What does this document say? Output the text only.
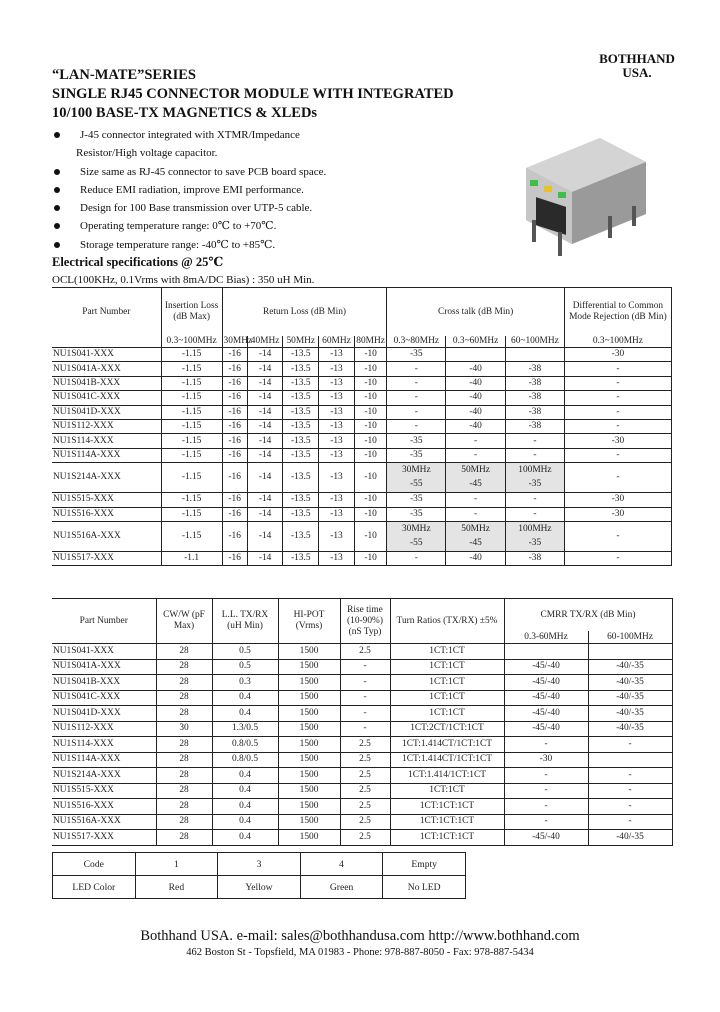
BOTHHAND
USA.
“LAN-MATE”SERIES
SINGLE RJ45 CONNECTOR MODULE WITH INTEGRATED
10/100 BASE-TX MAGNETICS & XLEDs
J-45 connector integrated with XTMR/Impedance
Resistor/High voltage capacitor.
Size same as RJ-45 connector to save PCB board space.
Reduce EMI radiation, improve EMI performance.
Design for 100 Base transmission over UTP-5 cable.
Operating temperature range: 0℃ to +70℃.
Storage temperature range: -40℃ to +85℃.
Electrical specifications @ 25℃
OCL(100KHz, 0.1Vrms with 8mA/DC Bias) : 350 uH Min.
Part Number	Insertion Loss (dB Max)	Return Loss (dB Min)					Cross talk (dB Min)			Differential to Common Mode Rejection (dB Min)
	0.3~100MHz	30MHz	40MHz	50MHz	60MHz	80MHz	0.3~80MHz	0.3~60MHz	60~100MHz	0.3~100MHz
NU1S041-XXX	-1.15	-16	-14	-13.5	-13	-10	-35			-30
NU1S041A-XXX	-1.15	-16	-14	-13.5	-13	-10	-	-40	-38	-
NU1S041B-XXX	-1.15	-16	-14	-13.5	-13	-10	-	-40	-38	-
NU1S041C-XXX	-1.15	-16	-14	-13.5	-13	-10	-	-40	-38	-
NU1S041D-XXX	-1.15	-16	-14	-13.5	-13	-10	-	-40	-38	-
NU1S112-XXX	-1.15	-16	-14	-13.5	-13	-10	-	-40	-38	-
NU1S114-XXX	-1.15	-16	-14	-13.5	-13	-10	-35	-	-	-30
NU1S114A-XXX	-1.15	-16	-14	-13.5	-13	-10	-35	-	-	-
NU1S214A-XXX	-1.15	-16	-14	-13.5	-13	-10	30MHz	50MHz	100MHz	-
							-55	-45	-35	
NU1S515-XXX	-1.15	-16	-14	-13.5	-13	-10	-35	-	-	-30
NU1S516-XXX	-1.15	-16	-14	-13.5	-13	-10	-35	-	-	-30
NU1S516A-XXX	-1.15	-16	-14	-13.5	-13	-10	30MHz	50MHz	100MHz	-
							-55	-45	-35	
NU1S517-XXX	-1.1	-16	-14	-13.5	-13	-10	-	-40	-38	-
Part Number	CW/W (pF Max)	L.L. TX/RX (uH Min)	HI-POT (Vrms)	Rise time (10-90%) (nS Typ)	Turn Ratios (TX/RX) ±5%	CMRR TX/RX (dB Min)	
						0.3-60MHz	60-100MHz
NU1S041-XXX	28	0.5	1500	2.5	1CT:1CT		
NU1S041A-XXX	28	0.5	1500	-	1CT:1CT	-45/-40	-40/-35
NU1S041B-XXX	28	0.3	1500	-	1CT:1CT	-45/-40	-40/-35
NU1S041C-XXX	28	0.4	1500	-	1CT:1CT	-45/-40	-40/-35
NU1S041D-XXX	28	0.4	1500	-	1CT:1CT	-45/-40	-40/-35
NU1S112-XXX	30	1.3/0.5	1500	-	1CT:2CT/1CT:1CT	-45/-40	-40/-35
NU1S114-XXX	28	0.8/0.5	1500	2.5	1CT:1.414CT/1CT:1CT	-	-
NU1S114A-XXX	28	0.8/0.5	1500	2.5	1CT:1.414CT/1CT:1CT	-30	
NU1S214A-XXX	28	0.4	1500	2.5	1CT:1.414/1CT:1CT	-	-
NU1S515-XXX	28	0.4	1500	2.5	1CT:1CT	-	-
NU1S516-XXX	28	0.4	1500	2.5	1CT:1CT:1CT	-	-
NU1S516A-XXX	28	0.4	1500	2.5	1CT:1CT:1CT	-	-
NU1S517-XXX	28	0.4	1500	2.5	1CT:1CT:1CT	-45/-40	-40/-35
Code	1	3	4	Empty
LED Color	Red	Yellow	Green	No LED
Bothhand USA. e-mail: sales@bothhandusa.com http://www.bothhand.com
462 Boston St - Topsfield, MA 01983 - Phone: 978-887-8050 - Fax: 978-887-5434
